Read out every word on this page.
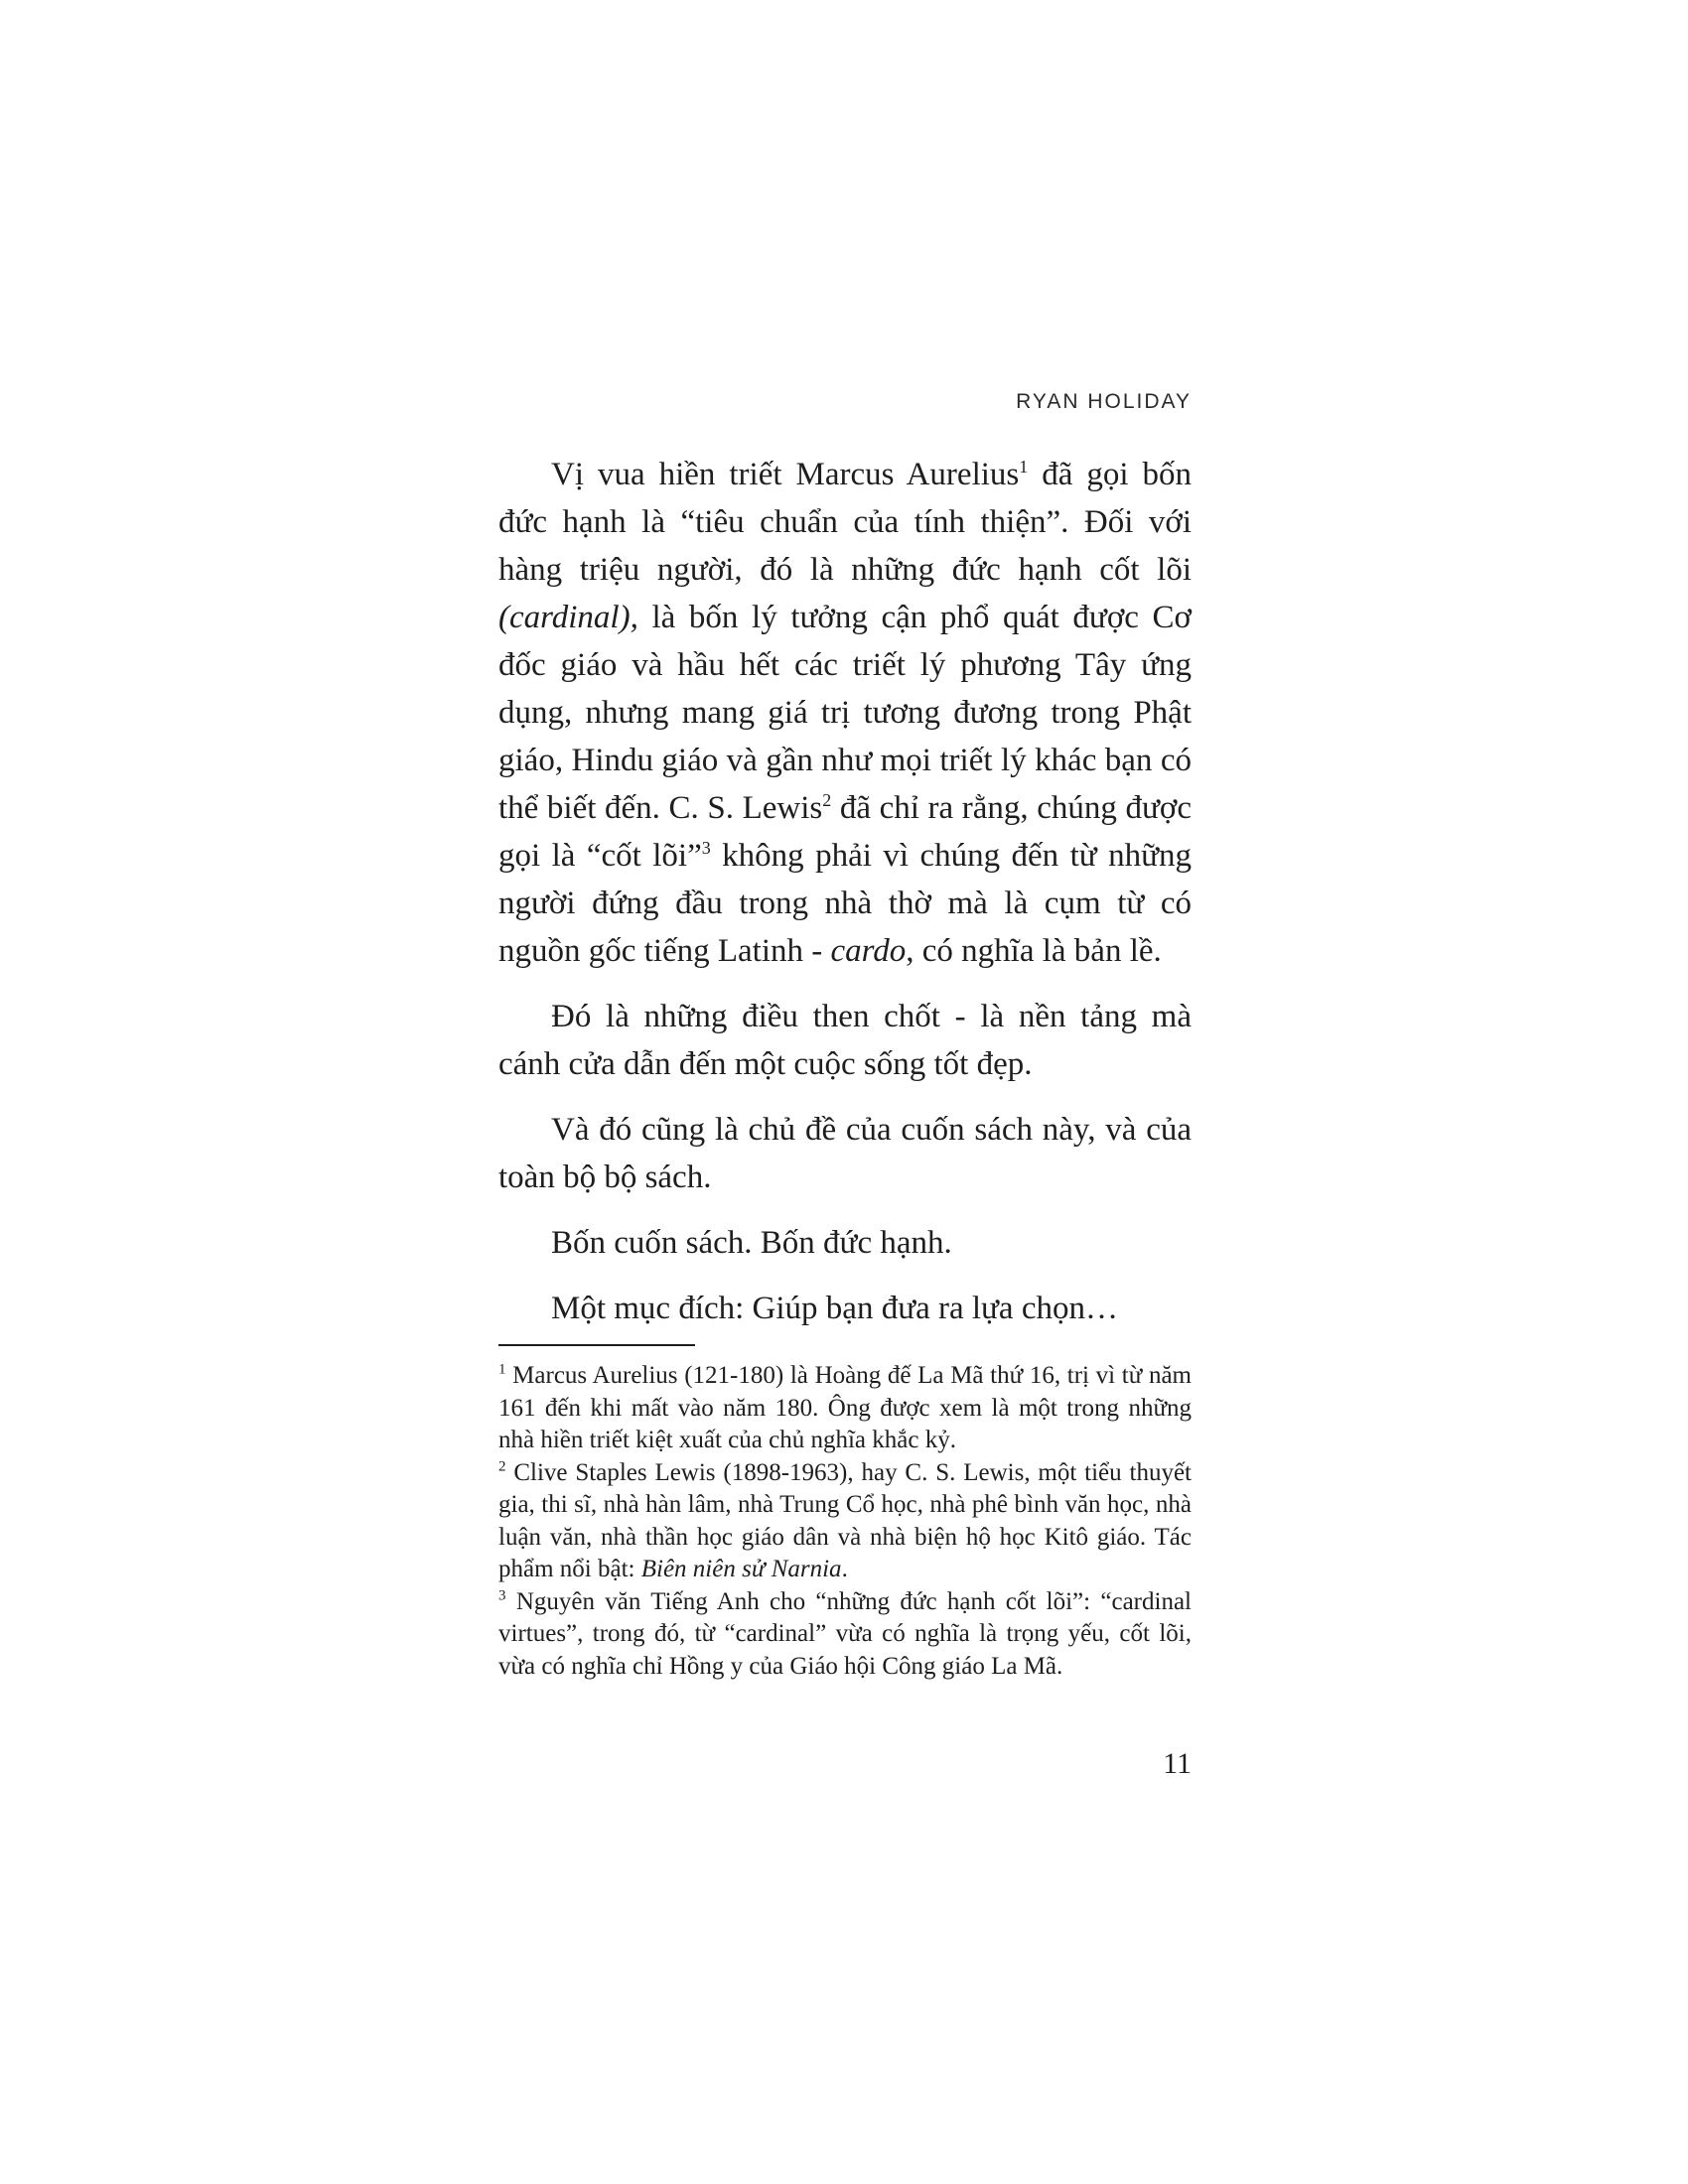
RYAN HOLIDAY

Vị vua hiền triết Marcus Aurelius$^1$ đã gọi bốn đức hạnh là “tiêu chuẩn của tính thiện”. Đối với hàng triệu người, đó là những đức hạnh cốt lõi (cardinal), là bốn lý tưởng cận phổ quát được Cơ đốc giáo và hầu hết các triết lý phương Tây ứng dụng, nhưng mang giá trị tương đương trong Phật giáo, Hindu giáo và gần như mọi triết lý khác bạn có thể biết đến. C. S. Lewis$^2$ đã chỉ ra rằng, chúng được gọi là “cốt lõi”$^3$ không phải vì chúng đến từ những người đứng đầu trong nhà thờ mà là cụm từ có nguồn gốc tiếng Latinh - cardo, có nghĩa là bản lề.

Đó là những điều then chốt - là nền tảng mà cánh cửa dẫn đến một cuộc sống tốt đẹp.

Và đó cũng là chủ đề của cuốn sách này, và của toàn bộ bộ sách.

Bốn cuốn sách. Bốn đức hạnh.

Một mục đích: Giúp bạn đưa ra lựa chọn…

$^1$ Marcus Aurelius (121-180) là Hoàng đế La Mã thứ 16, trị vì từ năm 161 đến khi mất vào năm 180. Ông được xem là một trong những nhà hiền triết kiệt xuất của chủ nghĩa khắc kỷ.

$^2$ Clive Staples Lewis (1898-1963), hay C. S. Lewis, một tiểu thuyết gia, thi sĩ, nhà hàn lâm, nhà Trung Cổ học, nhà phê bình văn học, nhà luận văn, nhà thần học giáo dân và nhà biện hộ học Kitô giáo. Tác phẩm nổi bật: Biên niên sử Narnia.

$^3$ Nguyên văn Tiếng Anh cho “những đức hạnh cốt lõi”: “cardinal virtues”, trong đó, từ “cardinal” vừa có nghĩa là trọng yếu, cốt lõi, vừa có nghĩa chỉ Hồng y của Giáo hội Công giáo La Mã.

11
